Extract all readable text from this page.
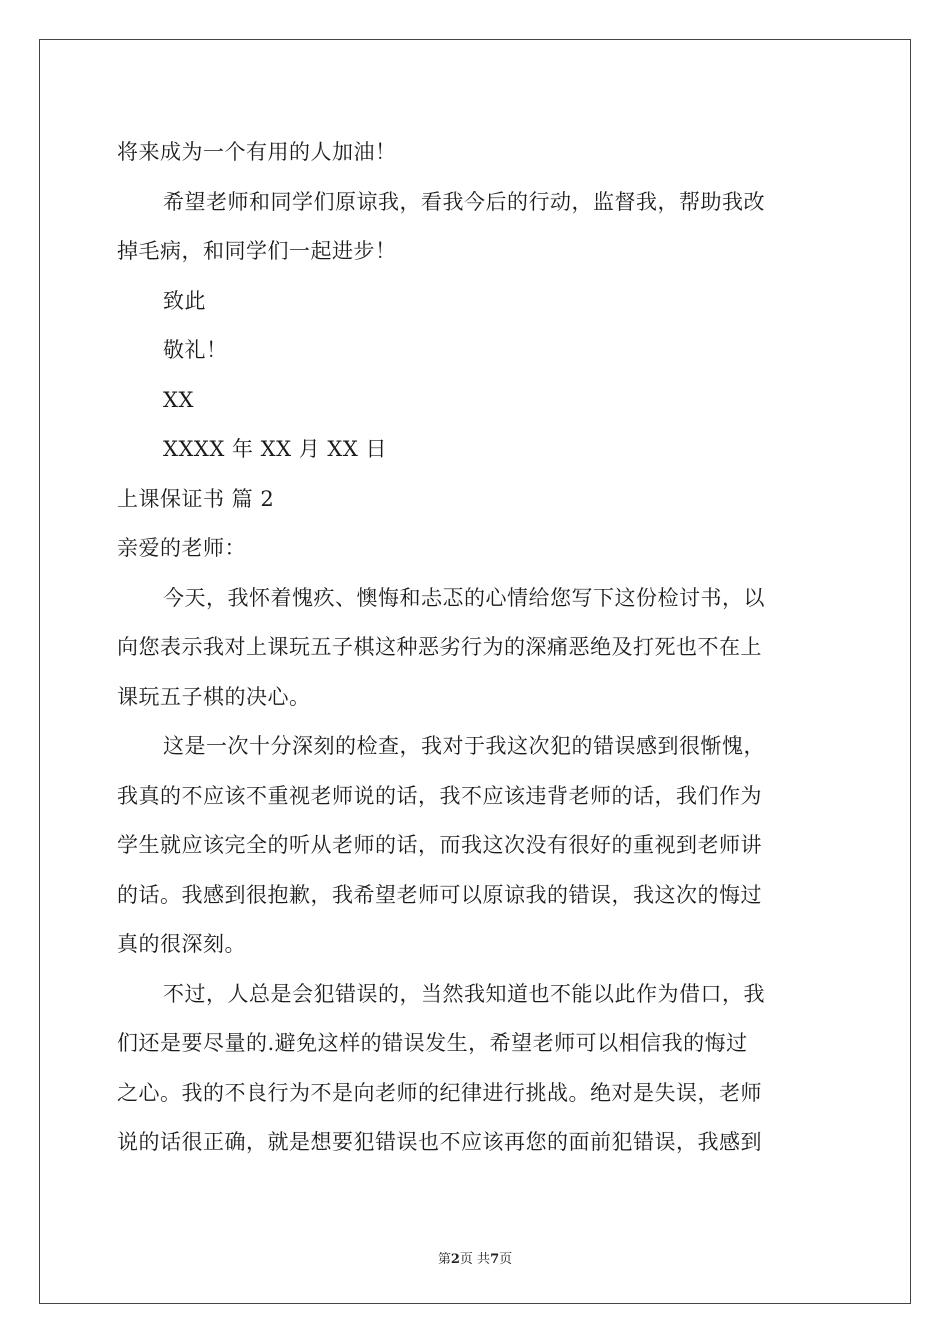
将来成为一个有用的人加油！
希望老师和同学们原谅我，看我今后的行动，监督我，帮助我改
掉毛病，和同学们一起进步！
致此
敬礼！
XX
XXXX 年 XX 月 XX 日
上课保证书 篇 2
亲爱的老师：
今天，我怀着愧疚、懊悔和忐忑的心情给您写下这份检讨书，以
向您表示我对上课玩五子棋这种恶劣行为的深痛恶绝及打死也不在上
课玩五子棋的决心。
这是一次十分深刻的检查，我对于我这次犯的错误感到很惭愧，
我真的不应该不重视老师说的话，我不应该违背老师的话，我们作为
学生就应该完全的听从老师的话，而我这次没有很好的重视到老师讲
的话。我感到很抱歉，我希望老师可以原谅我的错误，我这次的悔过
真的很深刻。
不过，人总是会犯错误的，当然我知道也不能以此作为借口，我
们还是要尽量的.避免这样的错误发生，希望老师可以相信我的悔过
之心。我的不良行为不是向老师的纪律进行挑战。绝对是失误，老师
说的话很正确，就是想要犯错误也不应该再您的面前犯错误，我感到
第2页 共7页
